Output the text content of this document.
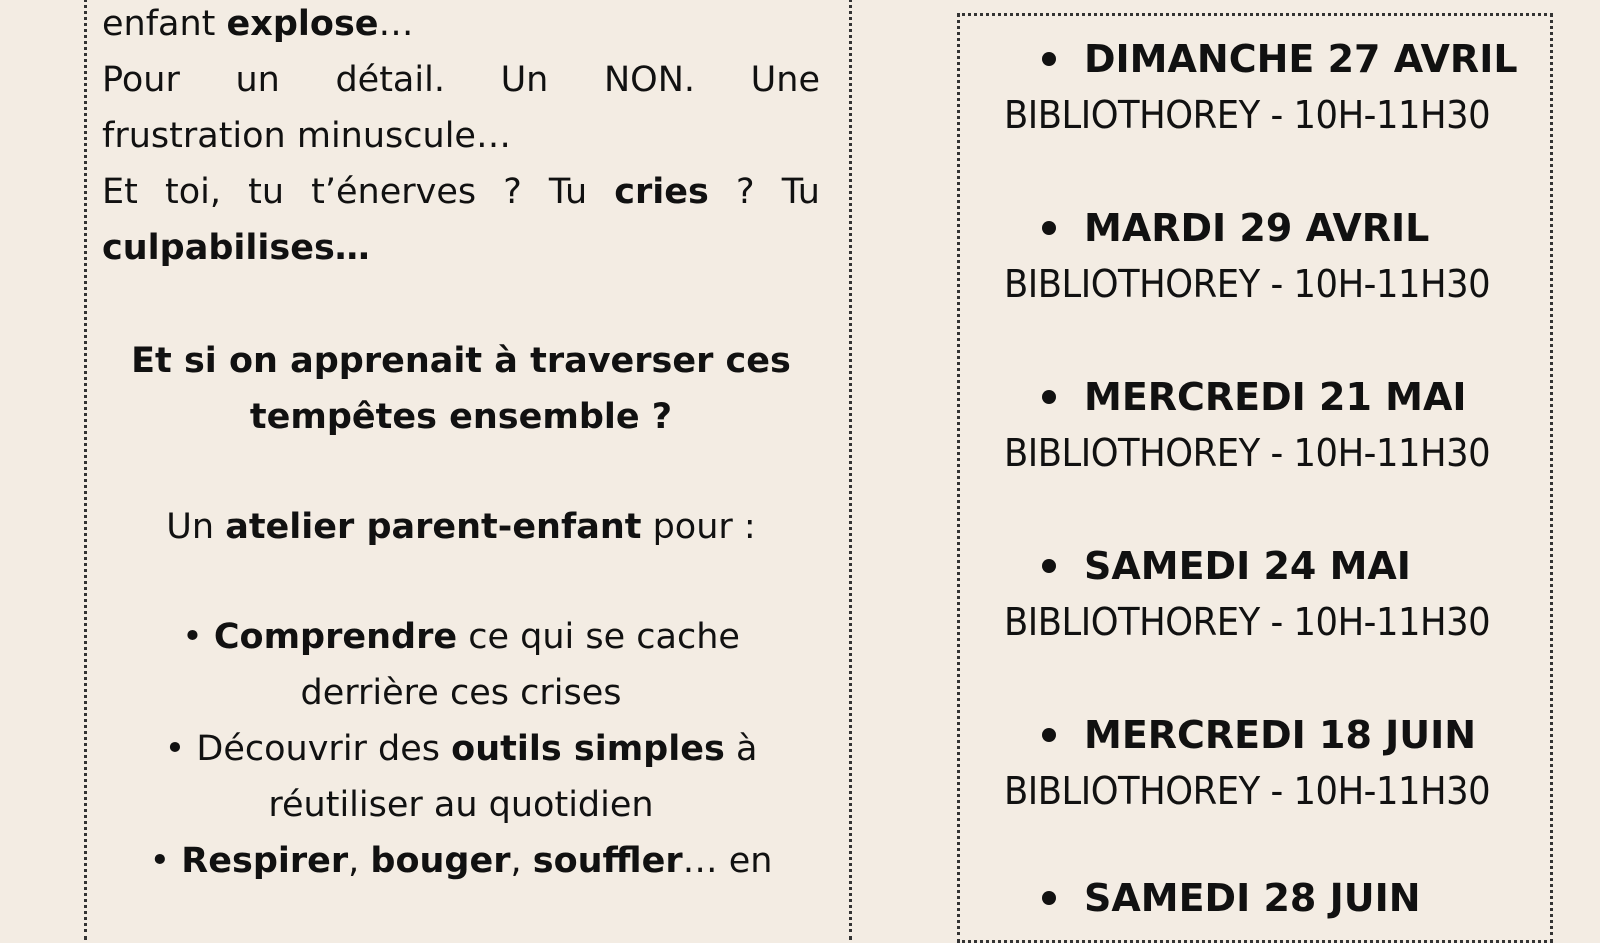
enfant explose…
Pour un détail. Un NON. Une
frustration minuscule…
Et toi, tu t’énerves ? Tu cries ? Tu
culpabilises…
Et si on apprenait à traverser ces
tempêtes ensemble ?
Un atelier parent-enfant pour :
• Comprendre ce qui se cache
derrière ces crises
• Découvrir des outils simples à
réutiliser au quotidien
• Respirer, bouger, souffler… en
DIMANCHE 27 AVRIL
BIBLIOTHOREY - 10H-11H30
MARDI 29 AVRIL
BIBLIOTHOREY - 10H-11H30
MERCREDI 21 MAI
BIBLIOTHOREY - 10H-11H30
SAMEDI 24 MAI
BIBLIOTHOREY - 10H-11H30
MERCREDI 18 JUIN
BIBLIOTHOREY - 10H-11H30
SAMEDI 28 JUIN
